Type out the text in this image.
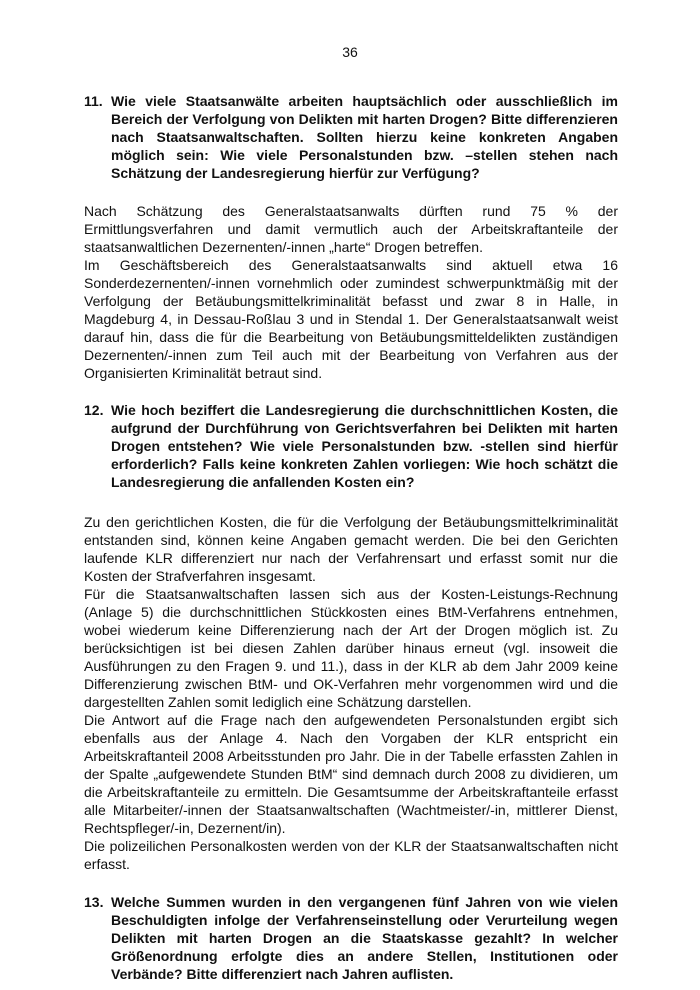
36
11. Wie viele Staatsanwälte arbeiten hauptsächlich oder ausschließlich im Bereich der Verfolgung von Delikten mit harten Drogen? Bitte differenzieren nach Staatsanwaltschaften. Sollten hierzu keine konkreten Angaben möglich sein: Wie viele Personalstunden bzw. –stellen stehen nach Schätzung der Landesregierung hierfür zur Verfügung?

Nach Schätzung des Generalstaatsanwalts dürften rund 75 % der Ermittlungsverfahren und damit vermutlich auch der Arbeitskraftanteile der staatsanwaltlichen Dezernenten/-innen „harte“ Drogen betreffen.

Im Geschäftsbereich des Generalstaatsanwalts sind aktuell etwa 16 Sonderdezernenten/-innen vornehmlich oder zumindest schwerpunktmäßig mit der Verfolgung der Betäubungsmittelkriminalität befasst und zwar 8 in Halle, in Magdeburg 4, in Dessau-Roßlau 3 und in Stendal 1. Der Generalstaatsanwalt weist darauf hin, dass die für die Bearbeitung von Betäubungsmitteldelikten zuständigen Dezernenten/-innen zum Teil auch mit der Bearbeitung von Verfahren aus der Organisierten Kriminalität betraut sind.

12. Wie hoch beziffert die Landesregierung die durchschnittlichen Kosten, die aufgrund der Durchführung von Gerichtsverfahren bei Delikten mit harten Drogen entstehen? Wie viele Personalstunden bzw. -stellen sind hierfür erforderlich? Falls keine konkreten Zahlen vorliegen: Wie hoch schätzt die Landesregierung die anfallenden Kosten ein?

Zu den gerichtlichen Kosten, die für die Verfolgung der Betäubungsmittelkriminalität entstanden sind, können keine Angaben gemacht werden. Die bei den Gerichten laufende KLR differenziert nur nach der Verfahrensart und erfasst somit nur die Kosten der Strafverfahren insgesamt.

Für die Staatsanwaltschaften lassen sich aus der Kosten-Leistungs-Rechnung (Anlage 5) die durchschnittlichen Stückkosten eines BtM-Verfahrens entnehmen, wobei wiederum keine Differenzierung nach der Art der Drogen möglich ist. Zu berücksichtigen ist bei diesen Zahlen darüber hinaus erneut (vgl. insoweit die Ausführungen zu den Fragen 9. und 11.), dass in der KLR ab dem Jahr 2009 keine Differenzierung zwischen BtM- und OK-Verfahren mehr vorgenommen wird und die dargestellten Zahlen somit lediglich eine Schätzung darstellen.

Die Antwort auf die Frage nach den aufgewendeten Personalstunden ergibt sich ebenfalls aus der Anlage 4. Nach den Vorgaben der KLR entspricht ein Arbeitskraftanteil 2008 Arbeitsstunden pro Jahr. Die in der Tabelle erfassten Zahlen in der Spalte „aufgewendete Stunden BtM“ sind demnach durch 2008 zu dividieren, um die Arbeitskraftanteile zu ermitteln. Die Gesamtsumme der Arbeitskraftanteile erfasst alle Mitarbeiter/-innen der Staatsanwaltschaften (Wachtmeister/-in, mittlerer Dienst, Rechtspfleger/-in, Dezernent/in).

Die polizeilichen Personalkosten werden von der KLR der Staatsanwaltschaften nicht erfasst.

13. Welche Summen wurden in den vergangenen fünf Jahren von wie vielen Beschuldigten infolge der Verfahrenseinstellung oder Verurteilung wegen Delikten mit harten Drogen an die Staatskasse gezahlt? In welcher Größenordnung erfolgte dies an andere Stellen, Institutionen oder Verbände? Bitte differenziert nach Jahren auflisten.
